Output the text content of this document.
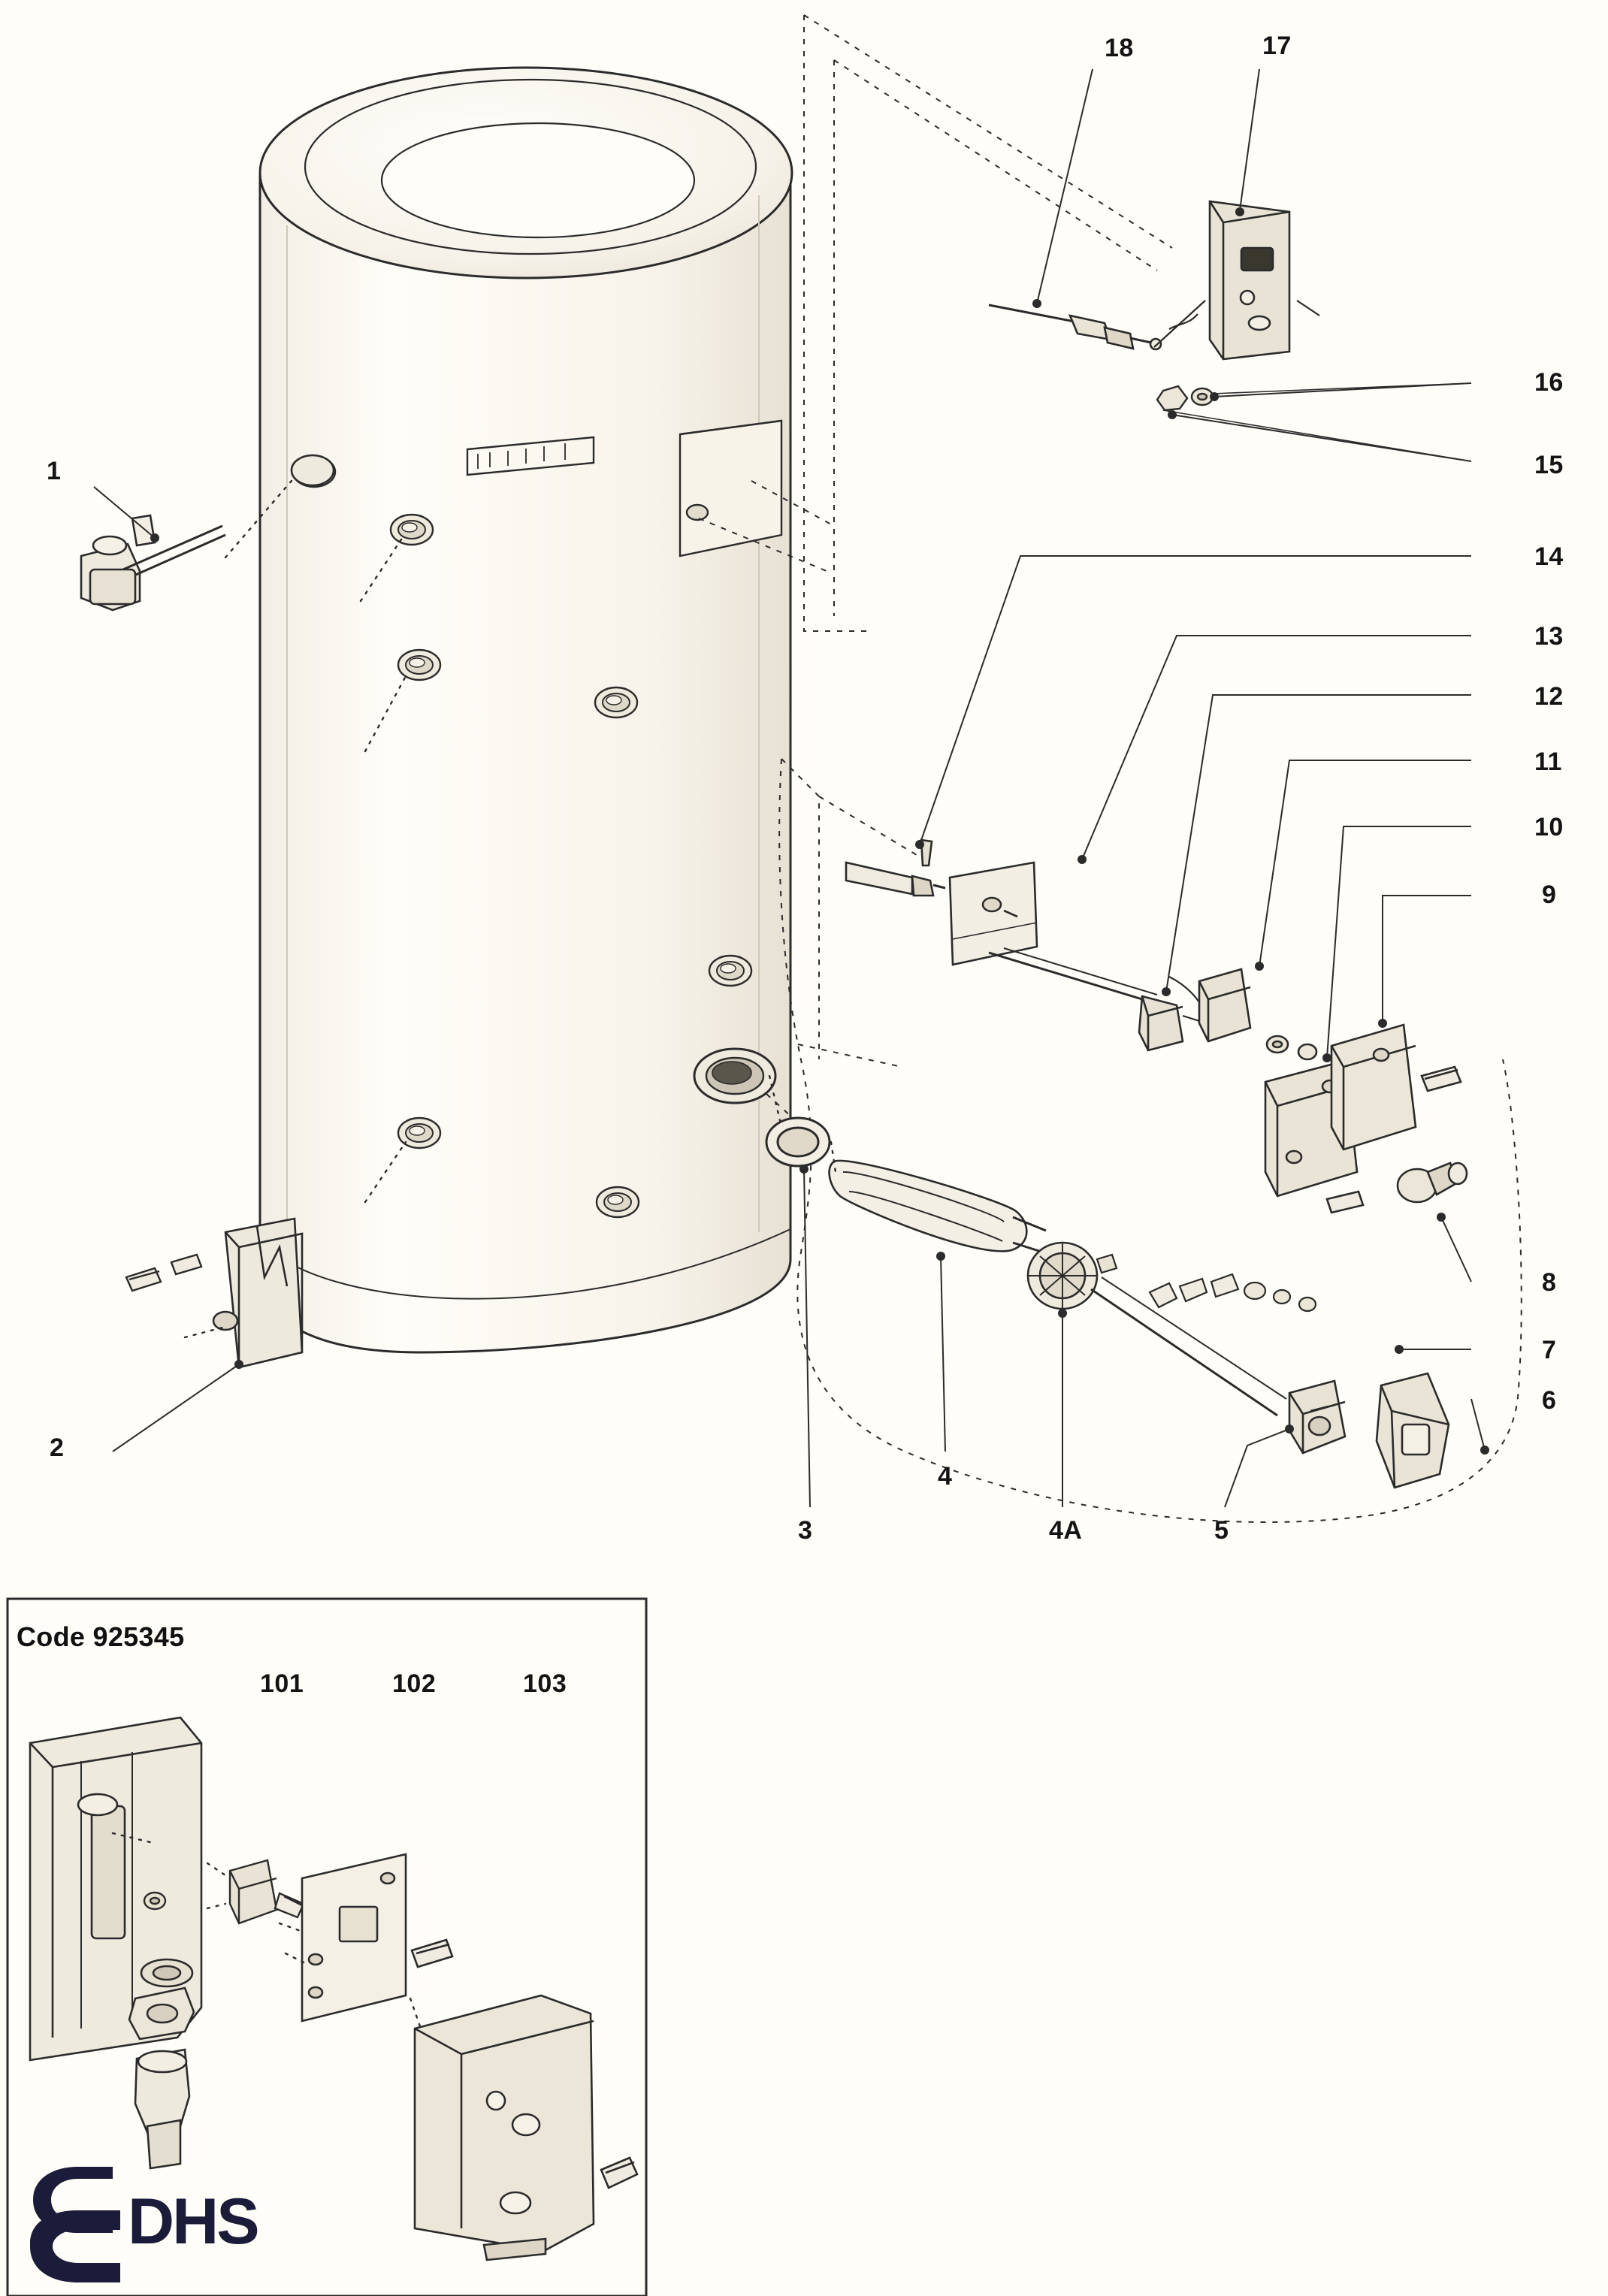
18	17
16
15
14
13
12
11
10
9
8
7
6
1
2
3
4
4A	5
101	102	103
Code 925345
DHS
